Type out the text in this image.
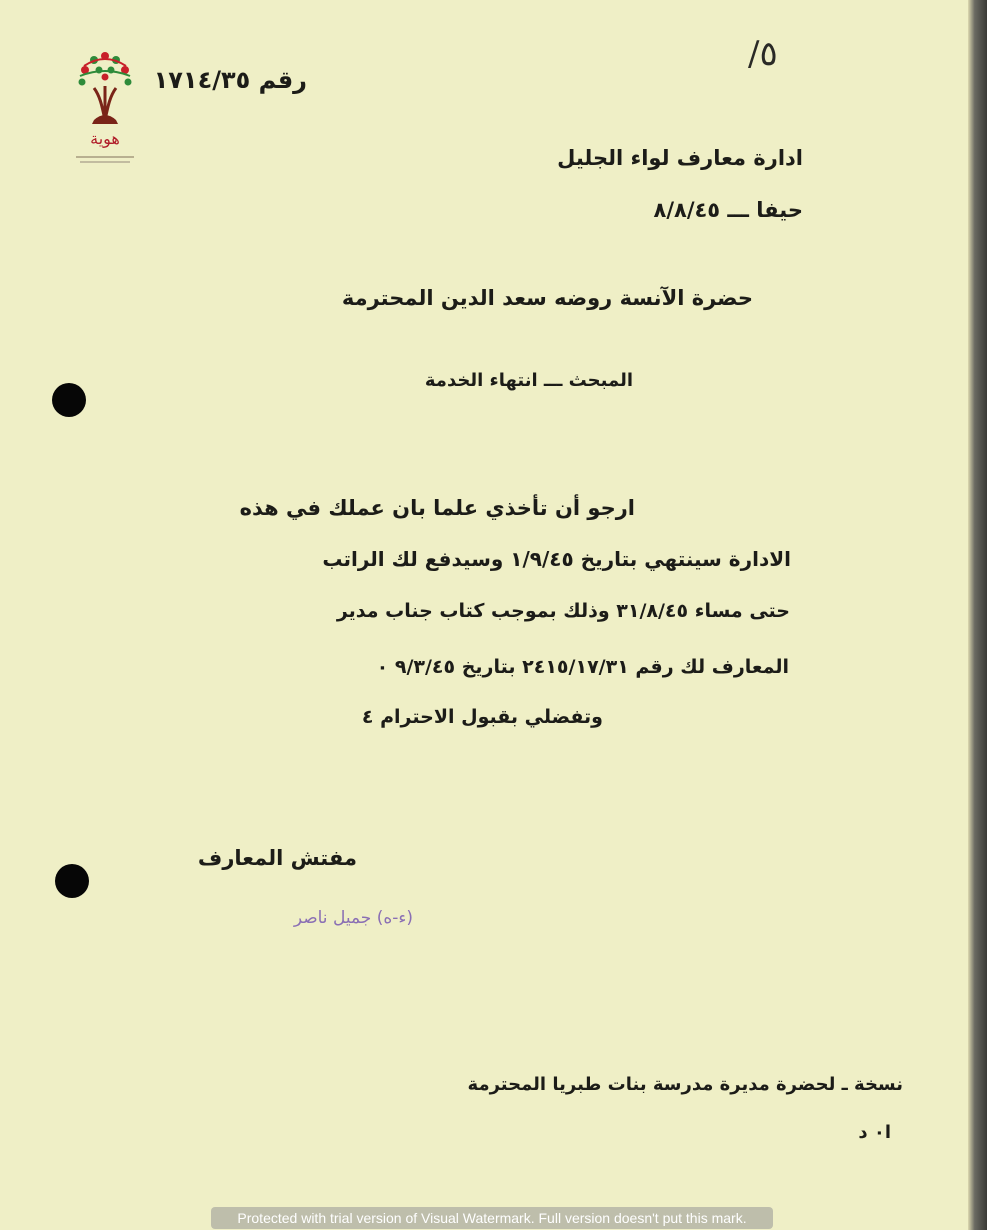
هوية
/٥
رقم ١٧١٤/٣٥
ادارة معارف لواء الجليل
حيفا ـــ ٨/٨/٤٥
حضرة الآنسة روضه سعد الدين المحترمة
المبحث ـــ انتهاء الخدمة
ارجو أن تأخذي علما بان عملك في هذه
الادارة سينتهي بتاريخ ١/٩/٤٥ وسيدفع لك الراتب
حتى مساء ٣١/٨/٤٥ وذلك بموجب كتاب جناب مدير
المعارف لك رقم ٢٤١٥/١٧/٣١ بتاريخ ٩/٣/٤٥ ٠
وتفضلي بقبول الاحترام ٤
مفتش المعارف
(ء-ه) جميل ناصر
نسخة ـ لحضرة مديرة مدرسة بنات طبريا المحترمة
ا٠ د
Protected with trial version of Visual Watermark. Full version doesn't put this mark.
